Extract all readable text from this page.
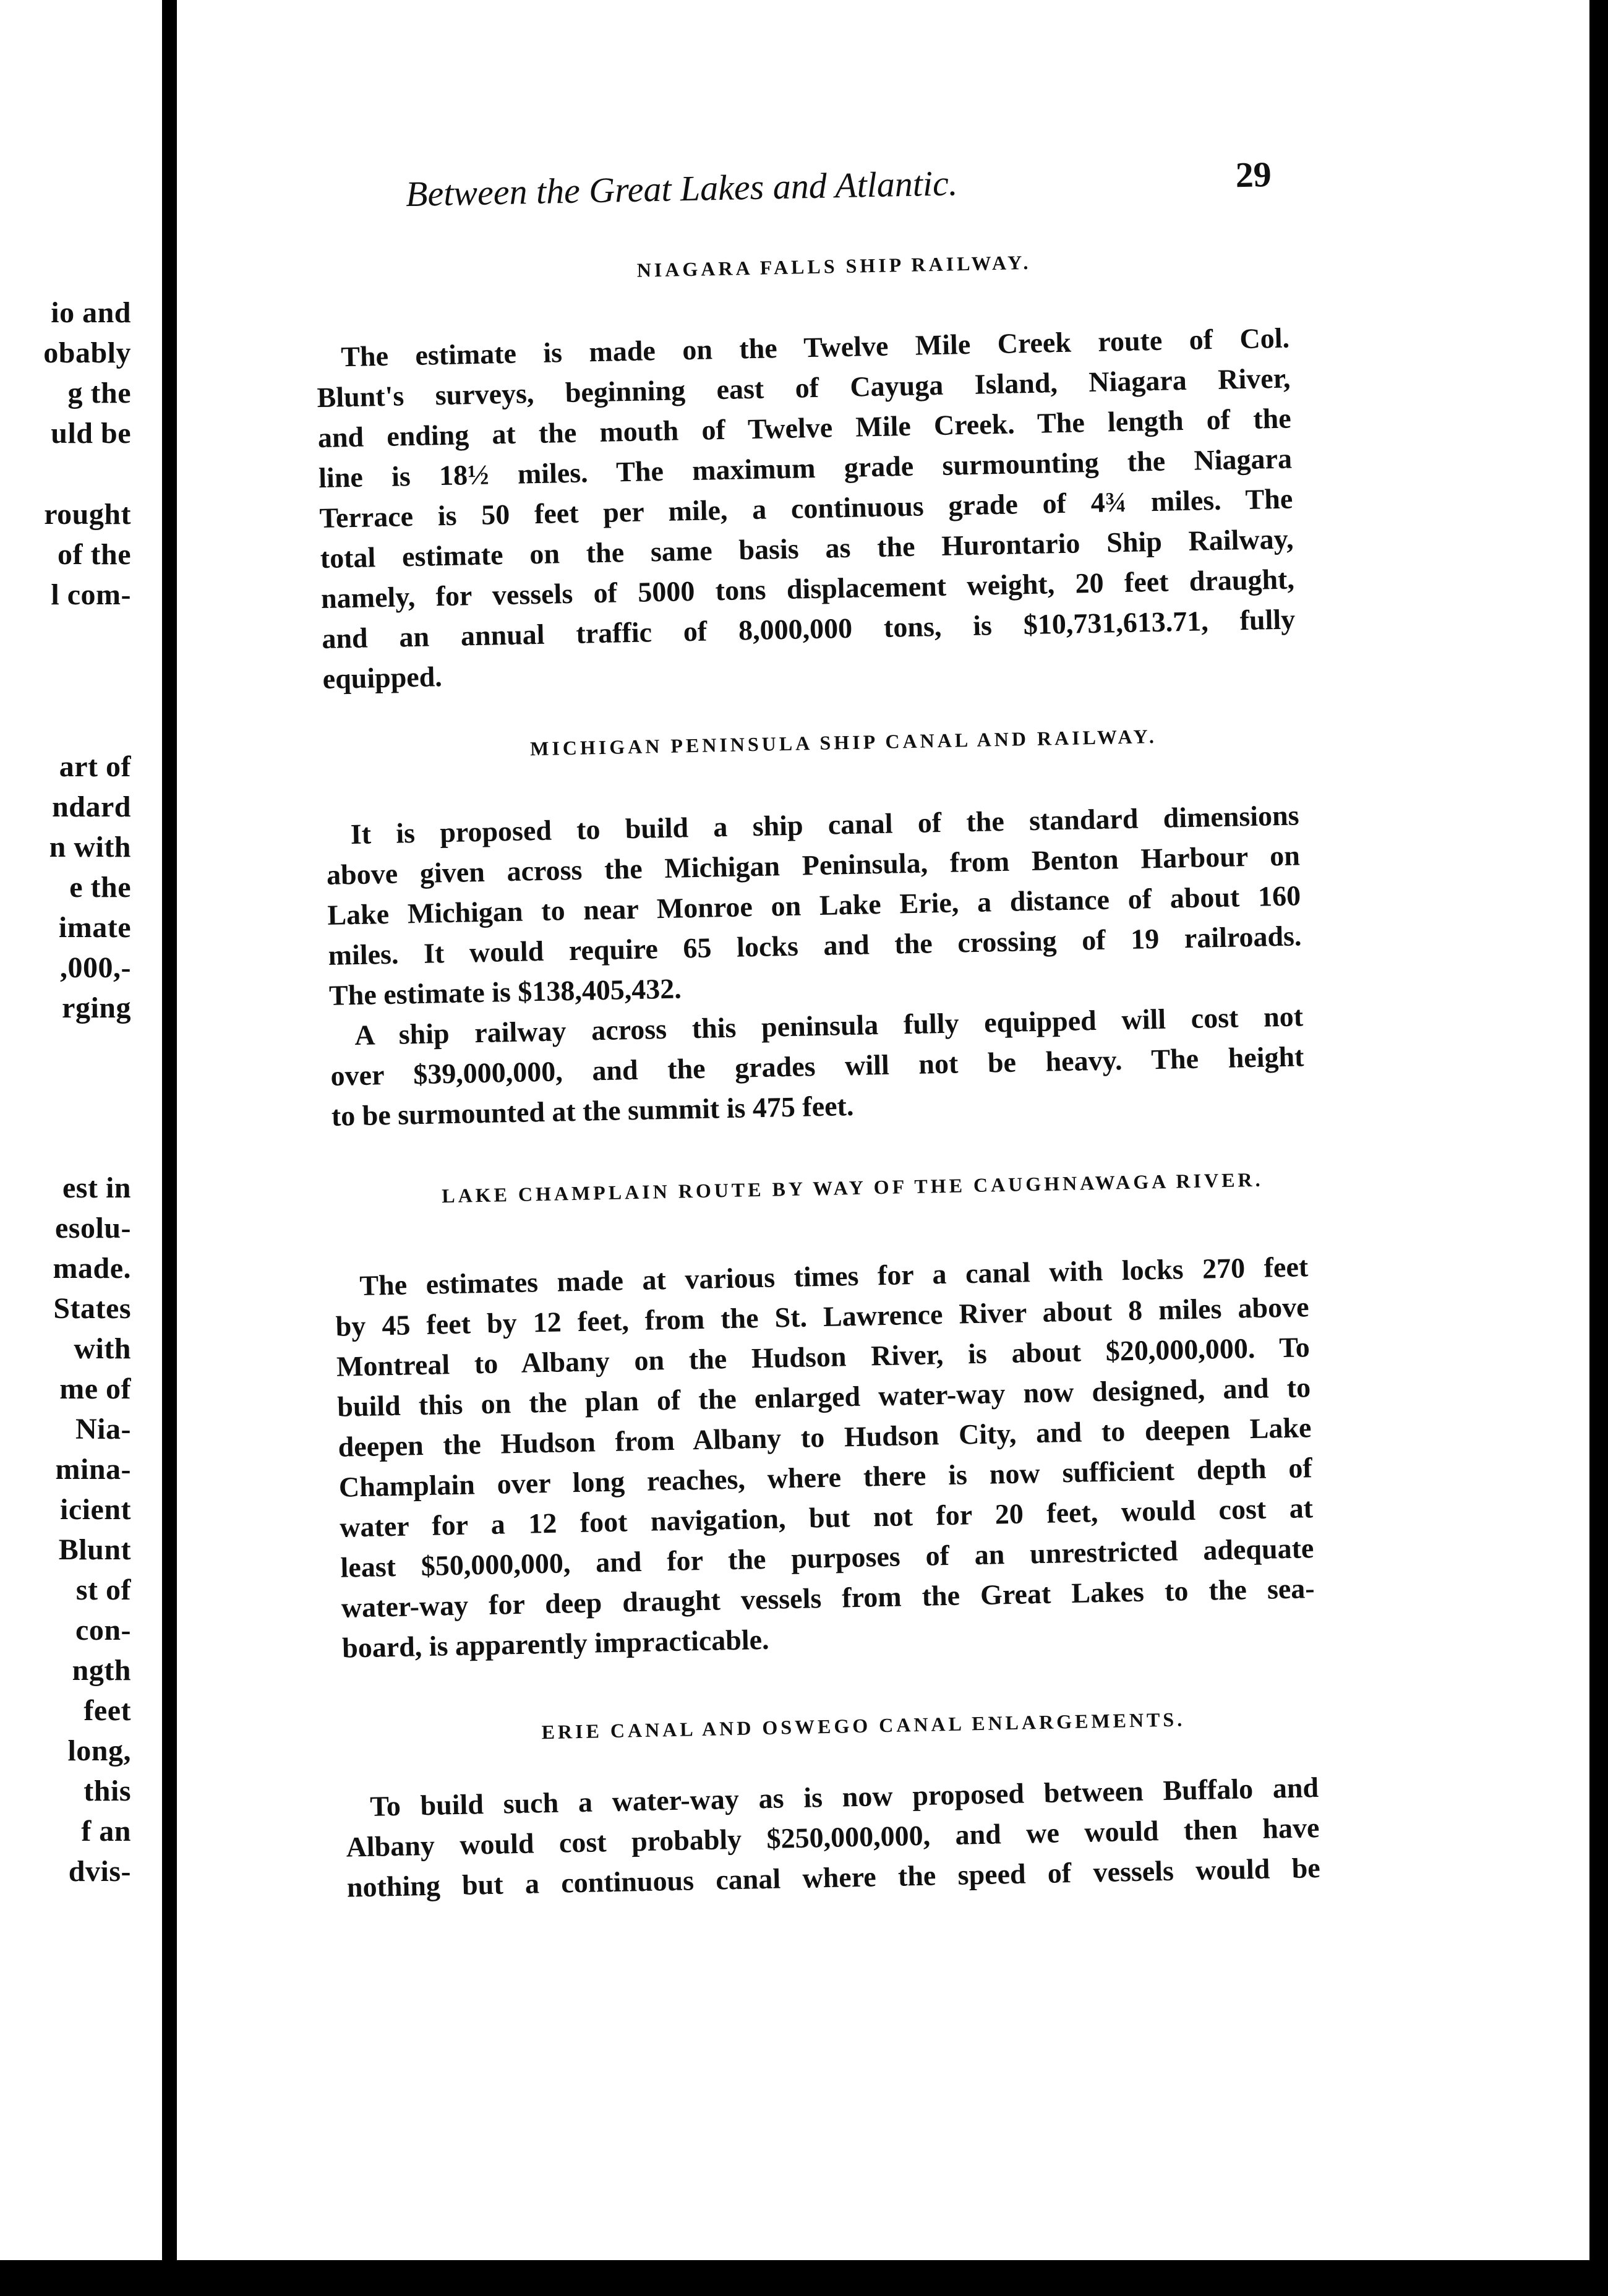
io and
obably
g the
uld be
rought
of the
l com-
art of
ndard
n with
e the
imate
,000,-
rging
est in
esolu-
made.
States
with
me of
Nia-
mina-
icient
Blunt
st of
con-
ngth
feet
long,
this
f an
dvis-
Between the Great Lakes and Atlantic.	29
NIAGARA FALLS SHIP RAILWAY.
The estimate is made on the Twelve Mile Creek route of Col.
Blunt's surveys, beginning east of Cayuga Island, Niagara River,
and ending at the mouth of Twelve Mile Creek. The length of the
line is 18½ miles. The maximum grade surmounting the Niagara
Terrace is 50 feet per mile, a continuous grade of 4¾ miles. The
total estimate on the same basis as the Hurontario Ship Railway,
namely, for vessels of 5000 tons displacement weight, 20 feet draught,
and an annual traffic of 8,000,000 tons, is $10,731,613.71, fully
equipped.
MICHIGAN PENINSULA SHIP CANAL AND RAILWAY.
It is proposed to build a ship canal of the standard dimensions
above given across the Michigan Peninsula, from Benton Harbour on
Lake Michigan to near Monroe on Lake Erie, a distance of about 160
miles. It would require 65 locks and the crossing of 19 railroads.
The estimate is $138,405,432.
A ship railway across this peninsula fully equipped will cost not
over $39,000,000, and the grades will not be heavy. The height
to be surmounted at the summit is 475 feet.
LAKE CHAMPLAIN ROUTE BY WAY OF THE CAUGHNAWAGA RIVER.
The estimates made at various times for a canal with locks 270 feet
by 45 feet by 12 feet, from the St. Lawrence River about 8 miles above
Montreal to Albany on the Hudson River, is about $20,000,000. To
build this on the plan of the enlarged water-way now designed, and to
deepen the Hudson from Albany to Hudson City, and to deepen Lake
Champlain over long reaches, where there is now sufficient depth of
water for a 12 foot navigation, but not for 20 feet, would cost at
least $50,000,000, and for the purposes of an unrestricted adequate
water-way for deep draught vessels from the Great Lakes to the sea-
board, is apparently impracticable.
ERIE CANAL AND OSWEGO CANAL ENLARGEMENTS.
To build such a water-way as is now proposed between Buffalo and
Albany would cost probably $250,000,000, and we would then have
nothing but a continuous canal where the speed of vessels would be
